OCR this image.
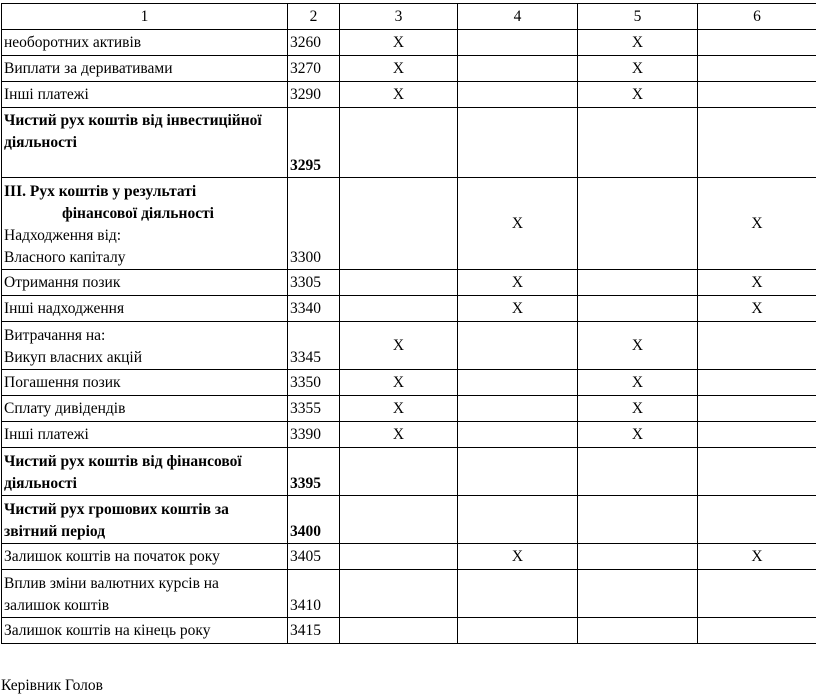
1	2	3	4	5	6
необоротних активів	3260	Х		Х	
Виплати за деривативами	3270	Х		Х	
Інші платежі	3290	Х		Х	
Чистий рух коштів від інвестиційної діяльності	3295				

ІІІ. Рух коштів у результаті
фінансової діяльності
Надходження від:
Власного капіталу	3300		Х		Х
Отримання позик	3305		Х		Х
Інші надходження	3340		Х		Х

Витрачання на:
Викуп власних акцій	3345	Х		Х	
Погашення позик	3350	Х		Х	
Сплату дивідендів	3355	Х		Х	
Інші платежі	3390	Х		Х	

Чистий рух коштів від фінансової
діяльності	3395				

Чистий рух грошових коштів за
звітний період	3400				
Залишок коштів на початок року	3405		Х		Х

Вплив зміни валютних курсів на
залишок коштів	3410				
Залишок коштів на кінець року	3415				
Керівник Голов
